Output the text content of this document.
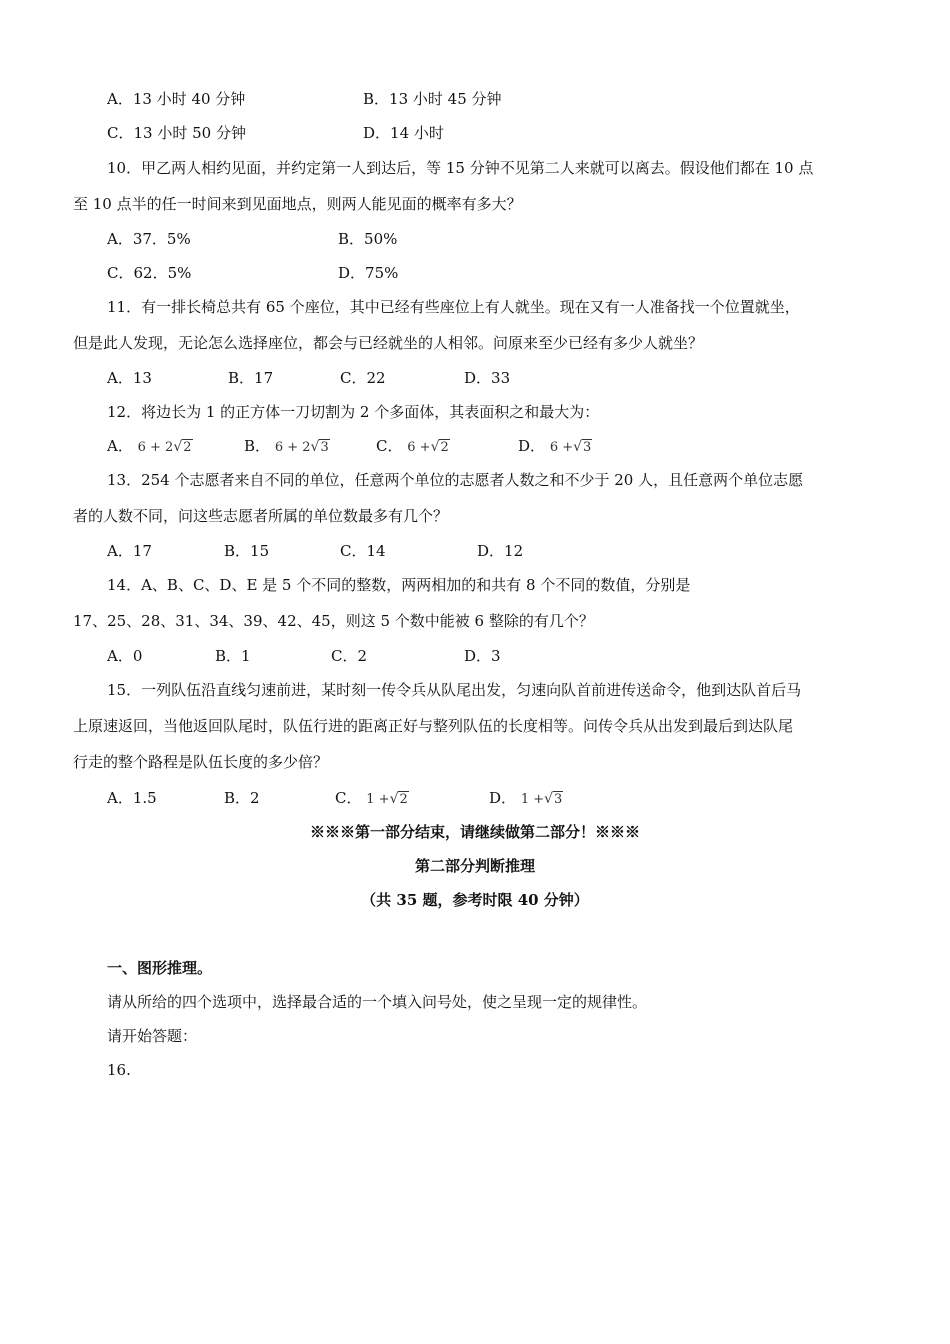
A．13 小时 40 分钟	B．13 小时 45 分钟
C．13 小时 50 分钟	D．14 小时
10．甲乙两人相约见面，并约定第一人到达后，等 15 分钟不见第二人来就可以离去。假设他们都在 10 点
至 10 点半的任一时间来到见面地点，则两人能见面的概率有多大？
A．37．5%	B．50%
C．62．5%	D．75%
11．有一排长椅总共有 65 个座位，其中已经有些座位上有人就坐。现在又有一人准备找一个位置就坐，
但是此人发现，无论怎么选择座位，都会与已经就坐的人相邻。问原来至少已经有多少人就坐？
A．13	B．17	C．22	D．33
12．将边长为 1 的正方体一刀切割为 2 个多面体，其表面积之和最大为：
A． 6 + 2√2	B． 6 + 2√3	C． 6 +√2	D． 6 +√3
13．254 个志愿者来自不同的单位，任意两个单位的志愿者人数之和不少于 20 人，且任意两个单位志愿
者的人数不同，问这些志愿者所属的单位数最多有几个？
A．17	B．15	C．14	D．12
14．A、B、C、D、E 是 5 个不同的整数，两两相加的和共有 8 个不同的数值，分别是
17、25、28、31、34、39、42、45，则这 5 个数中能被 6 整除的有几个？
A．0	B．1	C．2	D．3
15．一列队伍沿直线匀速前进，某时刻一传令兵从队尾出发，匀速向队首前进传送命令，他到达队首后马
上原速返回，当他返回队尾时，队伍行进的距离正好与整列队伍的长度相等。问传令兵从出发到最后到达队尾
行走的整个路程是队伍长度的多少倍？
A．1.5	B．2	C． 1 +√2	D． 1 +√3
※※※第一部分结束，请继续做第二部分！※※※
第二部分判断推理
（共 35 题，参考时限 40 分钟）
一、图形推理。
请从所给的四个选项中，选择最合适的一个填入问号处，使之呈现一定的规律性。
请开始答题：
16.
